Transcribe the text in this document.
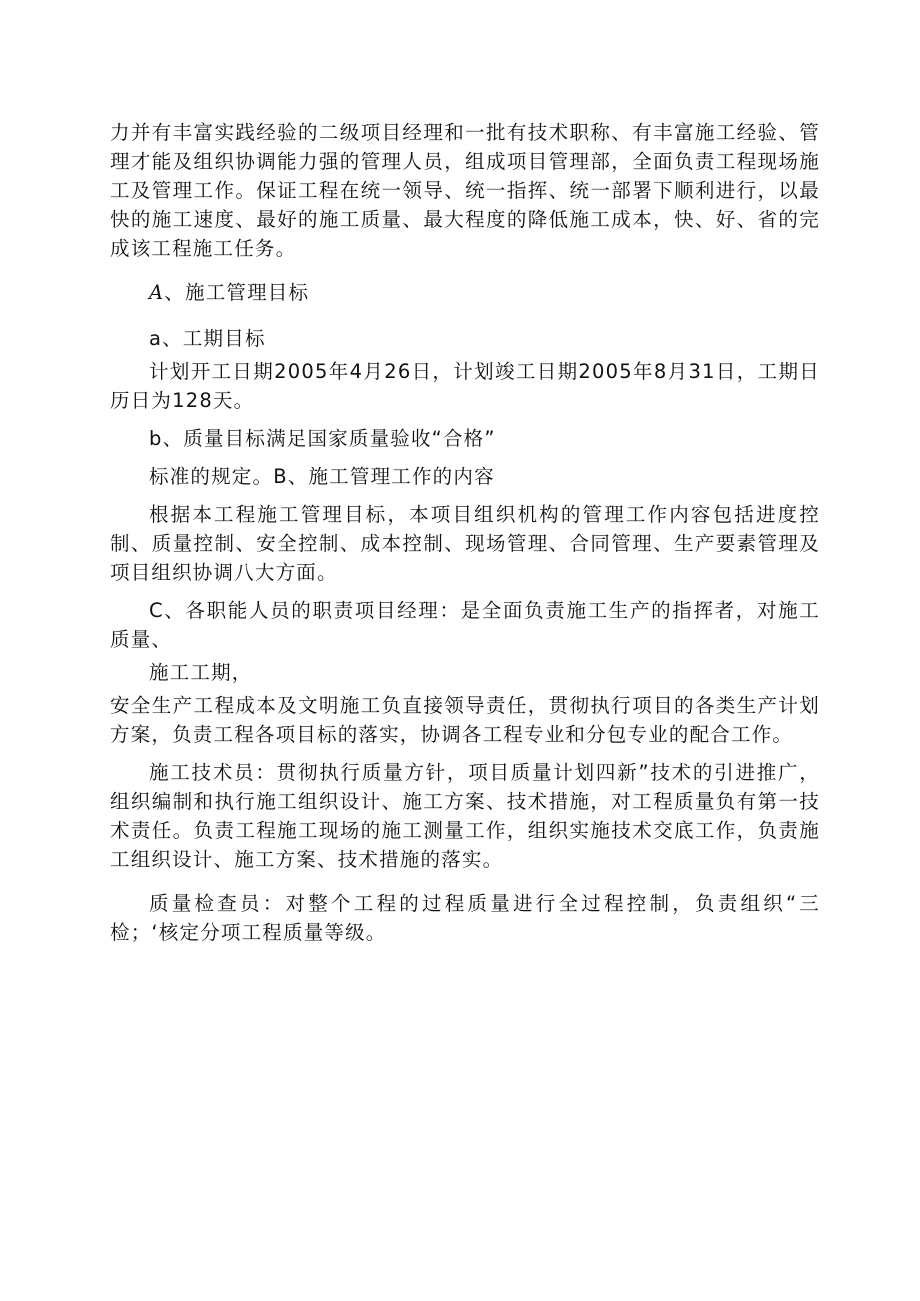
力并有丰富实践经验的二级项目经理和一批有技术职称、有丰富施工经验、管理才能及组织协调能力强的管理人员，组成项目管理部，全面负责工程现场施工及管理工作。保证工程在统一领导、统一指挥、统一部署下顺利进行，以最快的施工速度、最好的施工质量、最大程度的降低施工成本，快、好、省的完成该工程施工任务。

A、施工管理目标

a、工期目标

计划开工日期2005年4月26日，计划竣工日期2005年8月31日，工期日历日为128天。

b、质量目标满足国家质量验收“合格”

标准的规定。B、施工管理工作的内容

根据本工程施工管理目标，本项目组织机构的管理工作内容包括进度控制、质量控制、安全控制、成本控制、现场管理、合同管理、生产要素管理及项目组织协调八大方面。

C、各职能人员的职责项目经理：是全面负责施工生产的指挥者，对施工质量、

施工工期，

安全生产工程成本及文明施工负直接领导责任，贯彻执行项目的各类生产计划方案，负责工程各项目标的落实，协调各工程专业和分包专业的配合工作。

施工技术员：贯彻执行质量方针，项目质量计划四新”技术的引进推广，组织编制和执行施工组织设计、施工方案、技术措施，对工程质量负有第一技术责任。负责工程施工现场的施工测量工作，组织实施技术交底工作，负责施工组织设计、施工方案、技术措施的落实。

质量检查员：对整个工程的过程质量进行全过程控制，负责组织“三检；‘核定分项工程质量等级。
